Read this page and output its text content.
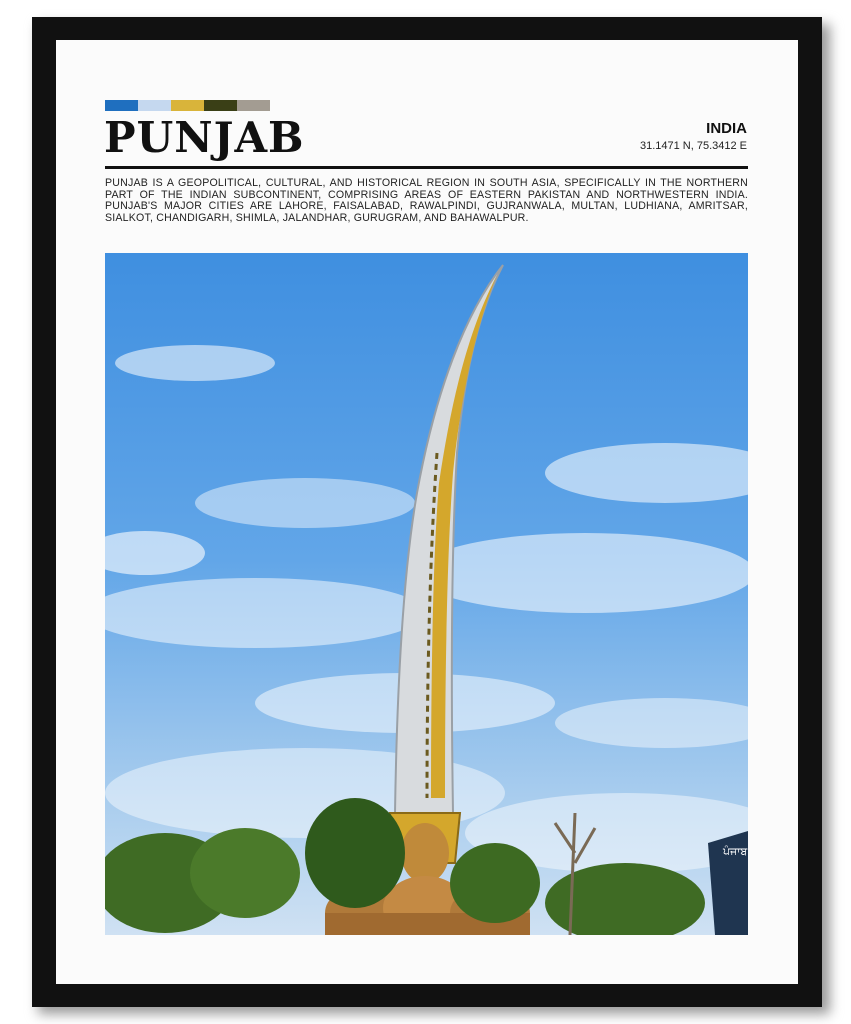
PUNJAB	INDIA
31.1471 N, 75.3412 E
PUNJAB IS A GEOPOLITICAL, CULTURAL, AND HISTORICAL REGION IN SOUTH ASIA, SPECIFICALLY IN THE NORTHERN PART OF THE INDIAN SUBCONTINENT, COMPRISING AREAS OF EASTERN PAKISTAN AND NORTHWESTERN INDIA. PUNJAB'S MAJOR CITIES ARE LAHORE, FAISALABAD, RAWALPINDI, GUJRANWALA, MULTAN, LUDHIANA, AMRITSAR, SIALKOT, CHANDIGARH, SHIMLA, JALANDHAR, GURUGRAM, AND BAHAWALPUR.
ਪੰਜਾਬ
